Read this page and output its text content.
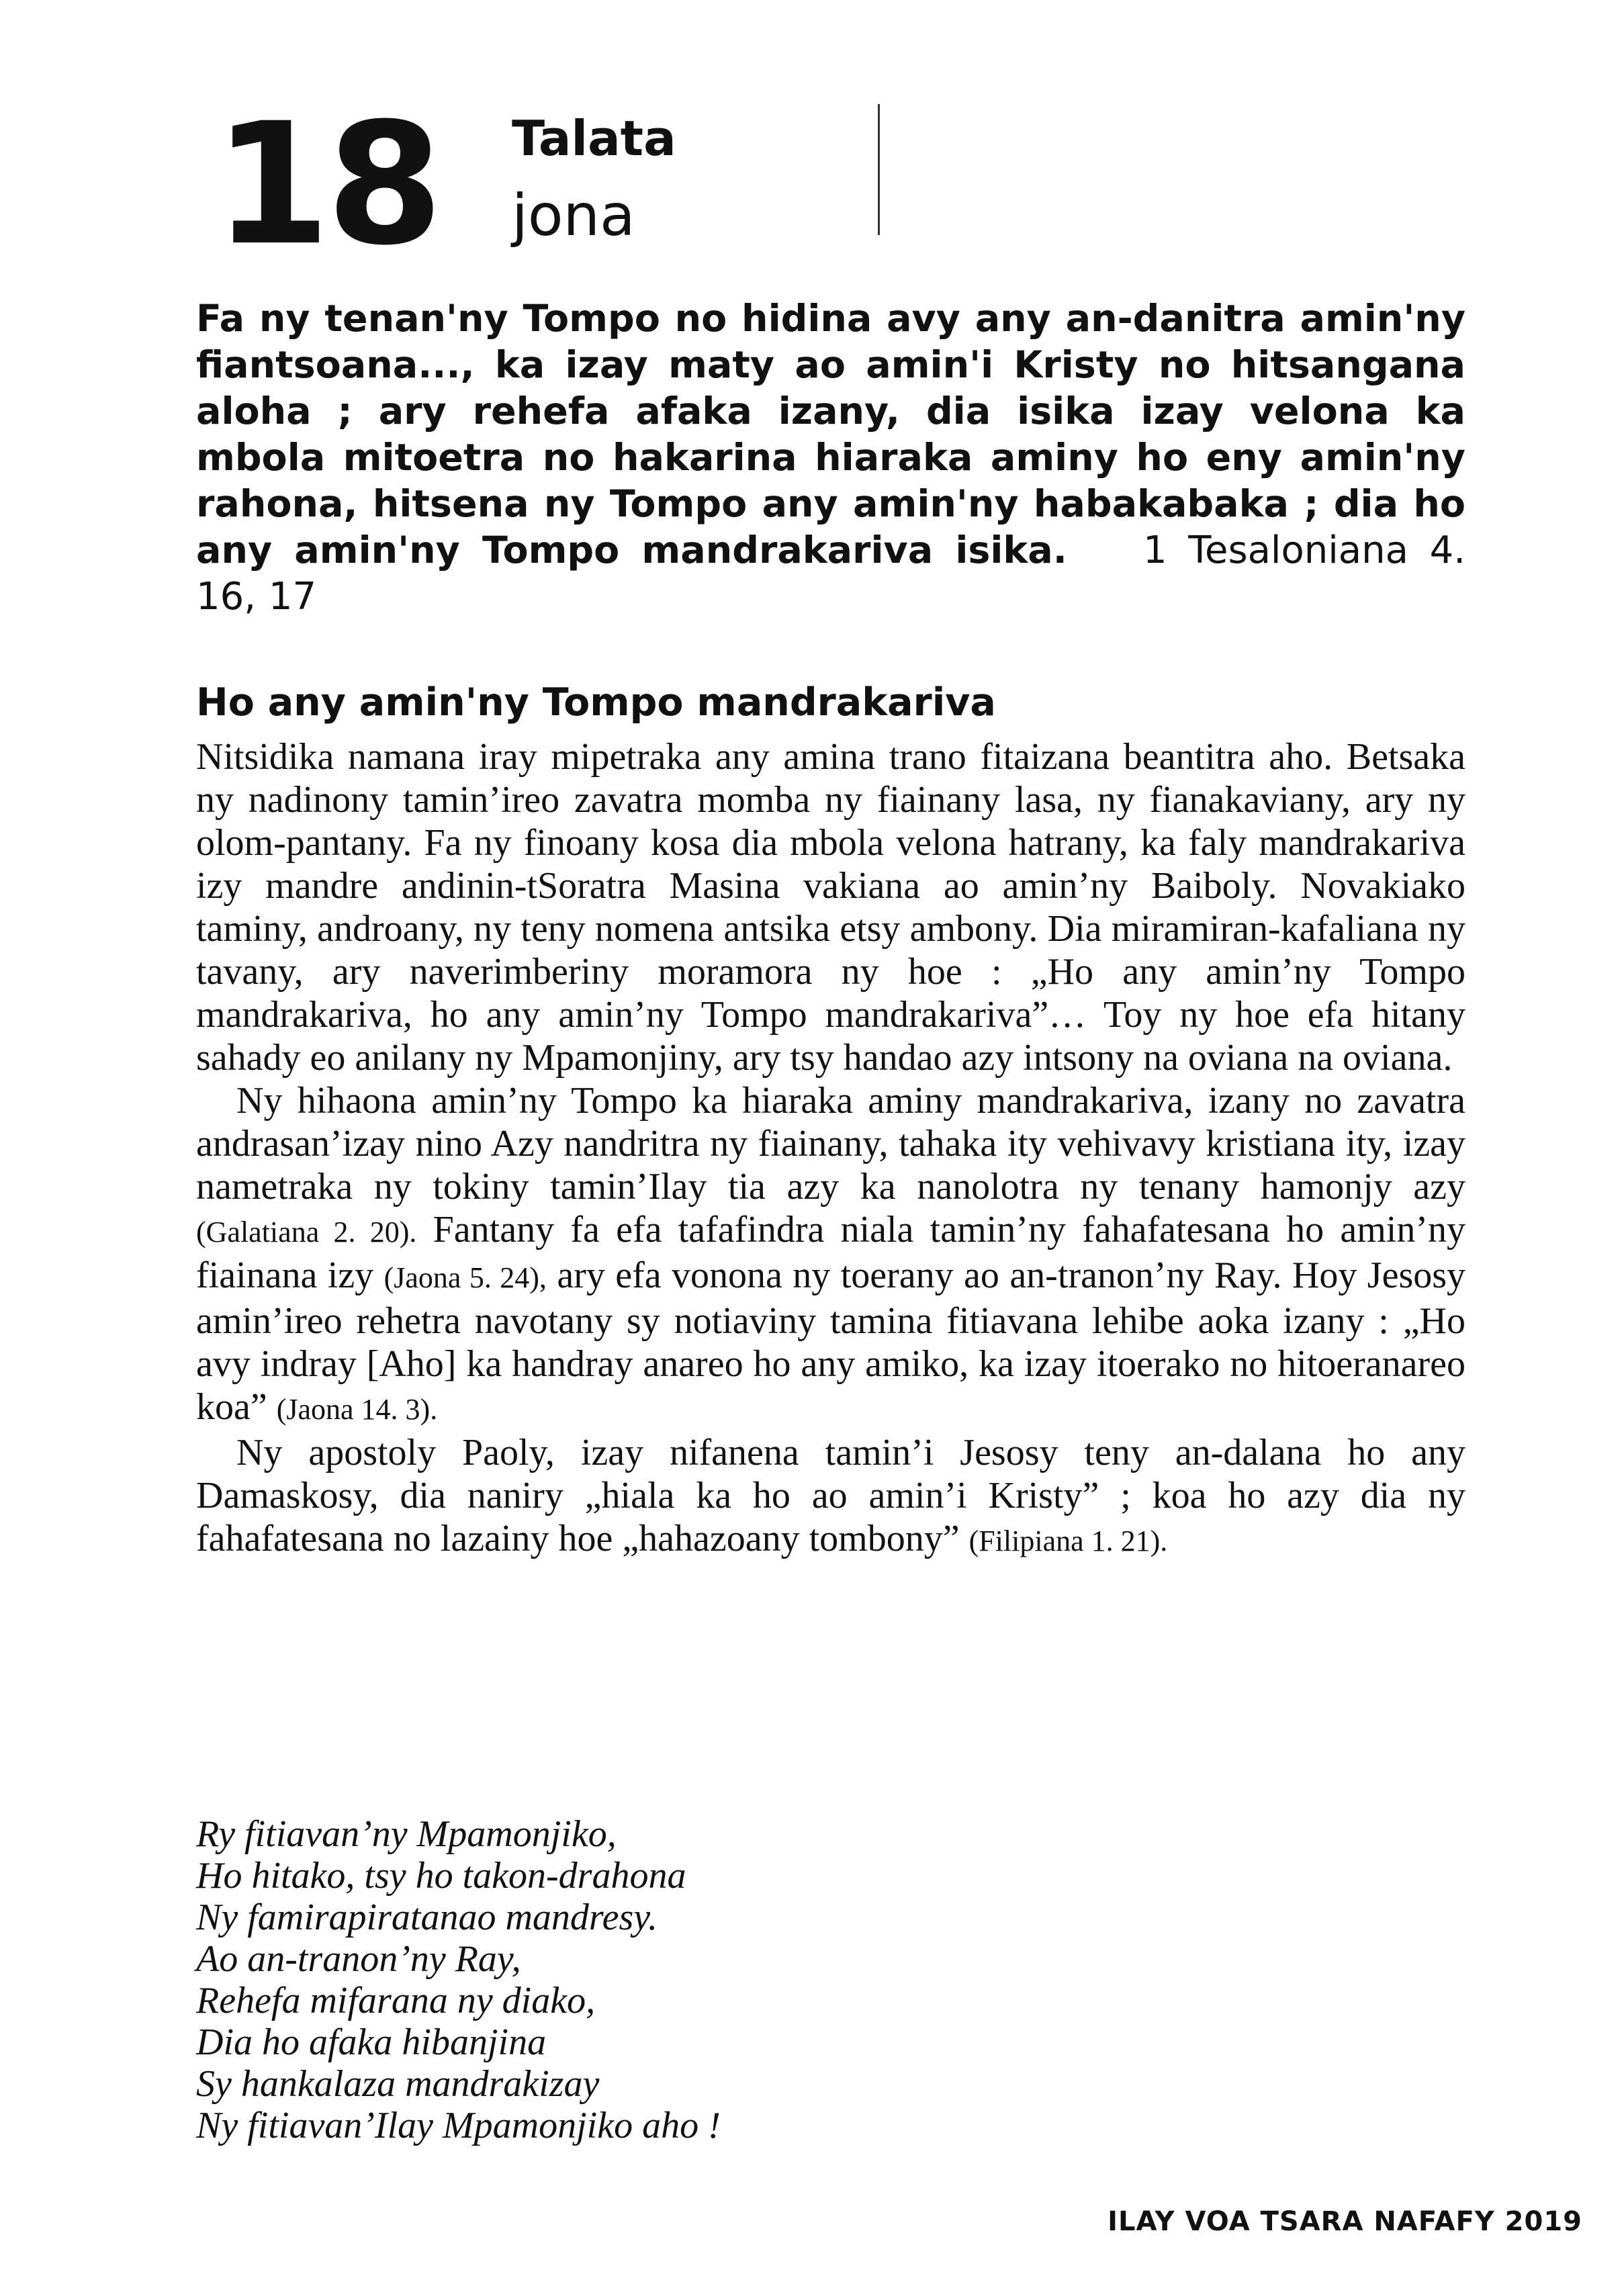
18 Talata
jona
Fa ny tenan'ny Tompo no hidina avy any an-danitra amin'ny fiantsoana..., ka izay maty ao amin'i Kristy no hitsangana aloha ; ary rehefa afaka izany, dia isika izay velona ka mbola mitoetra no hakarina hiaraka aminy ho eny amin'ny rahona, hitsena ny Tompo any amin'ny habakabaka ; dia ho any amin'ny Tompo mandrakariva isika. 1 Tesaloniana 4. 16, 17
Ho any amin'ny Tompo mandrakariva

Nitsidika namana iray mipetraka any amina trano fitaizana beantitra aho. Betsaka ny nadinony tamin’ireo zavatra momba ny fiainany lasa, ny fianakaviany, ary ny olom-pantany. Fa ny finoany kosa dia mbola velona hatrany, ka faly mandrakariva izy mandre andinin-tSoratra Masina vakiana ao amin’ny Baiboly. Novakiako taminy, androany, ny teny nomena antsika etsy ambony. Dia miramiran-kafaliana ny tavany, ary naverimberiny moramora ny hoe : „Ho any amin’ny Tompo mandrakariva, ho any amin’ny Tompo mandrakariva”… Toy ny hoe efa hitany sahady eo anilany ny Mpamonjiny, ary tsy handao azy intsony na oviana na oviana.

Ny hihaona amin’ny Tompo ka hiaraka aminy mandrakariva, izany no zavatra andrasan’izay nino Azy nandritra ny fiainany, tahaka ity vehivavy kristiana ity, izay nametraka ny tokiny tamin’Ilay tia azy ka nanolotra ny tenany hamonjy azy (Galatiana 2. 20). Fantany fa efa tafafindra niala tamin’ny fahafatesana ho amin’ny fiainana izy (Jaona 5. 24), ary efa vonona ny toerany ao an-tranon’ny Ray. Hoy Jesosy amin’ireo rehetra navotany sy notiaviny tamina fitiavana lehibe aoka izany : „Ho avy indray [Aho] ka handray anareo ho any amiko, ka izay itoerako no hitoeranareo koa” (Jaona 14. 3).

Ny apostoly Paoly, izay nifanena tamin’i Jesosy teny an-dalana ho any Damaskosy, dia naniry „hiala ka ho ao amin’i Kristy” ; koa ho azy dia ny fahafatesana no lazainy hoe „hahazoany tombony” (Filipiana 1. 21).

Ry fitiavan’ny Mpamonjiko,
Ho hitako, tsy ho takon-drahona
Ny famirapiratanao mandresy.
Ao an-tranon’ny Ray,
Rehefa mifarana ny diako,
Dia ho afaka hibanjina
Sy hankalaza mandrakizay
Ny fitiavan’Ilay Mpamonjiko aho !
ILAY VOA TSARA NAFAFY 2019
